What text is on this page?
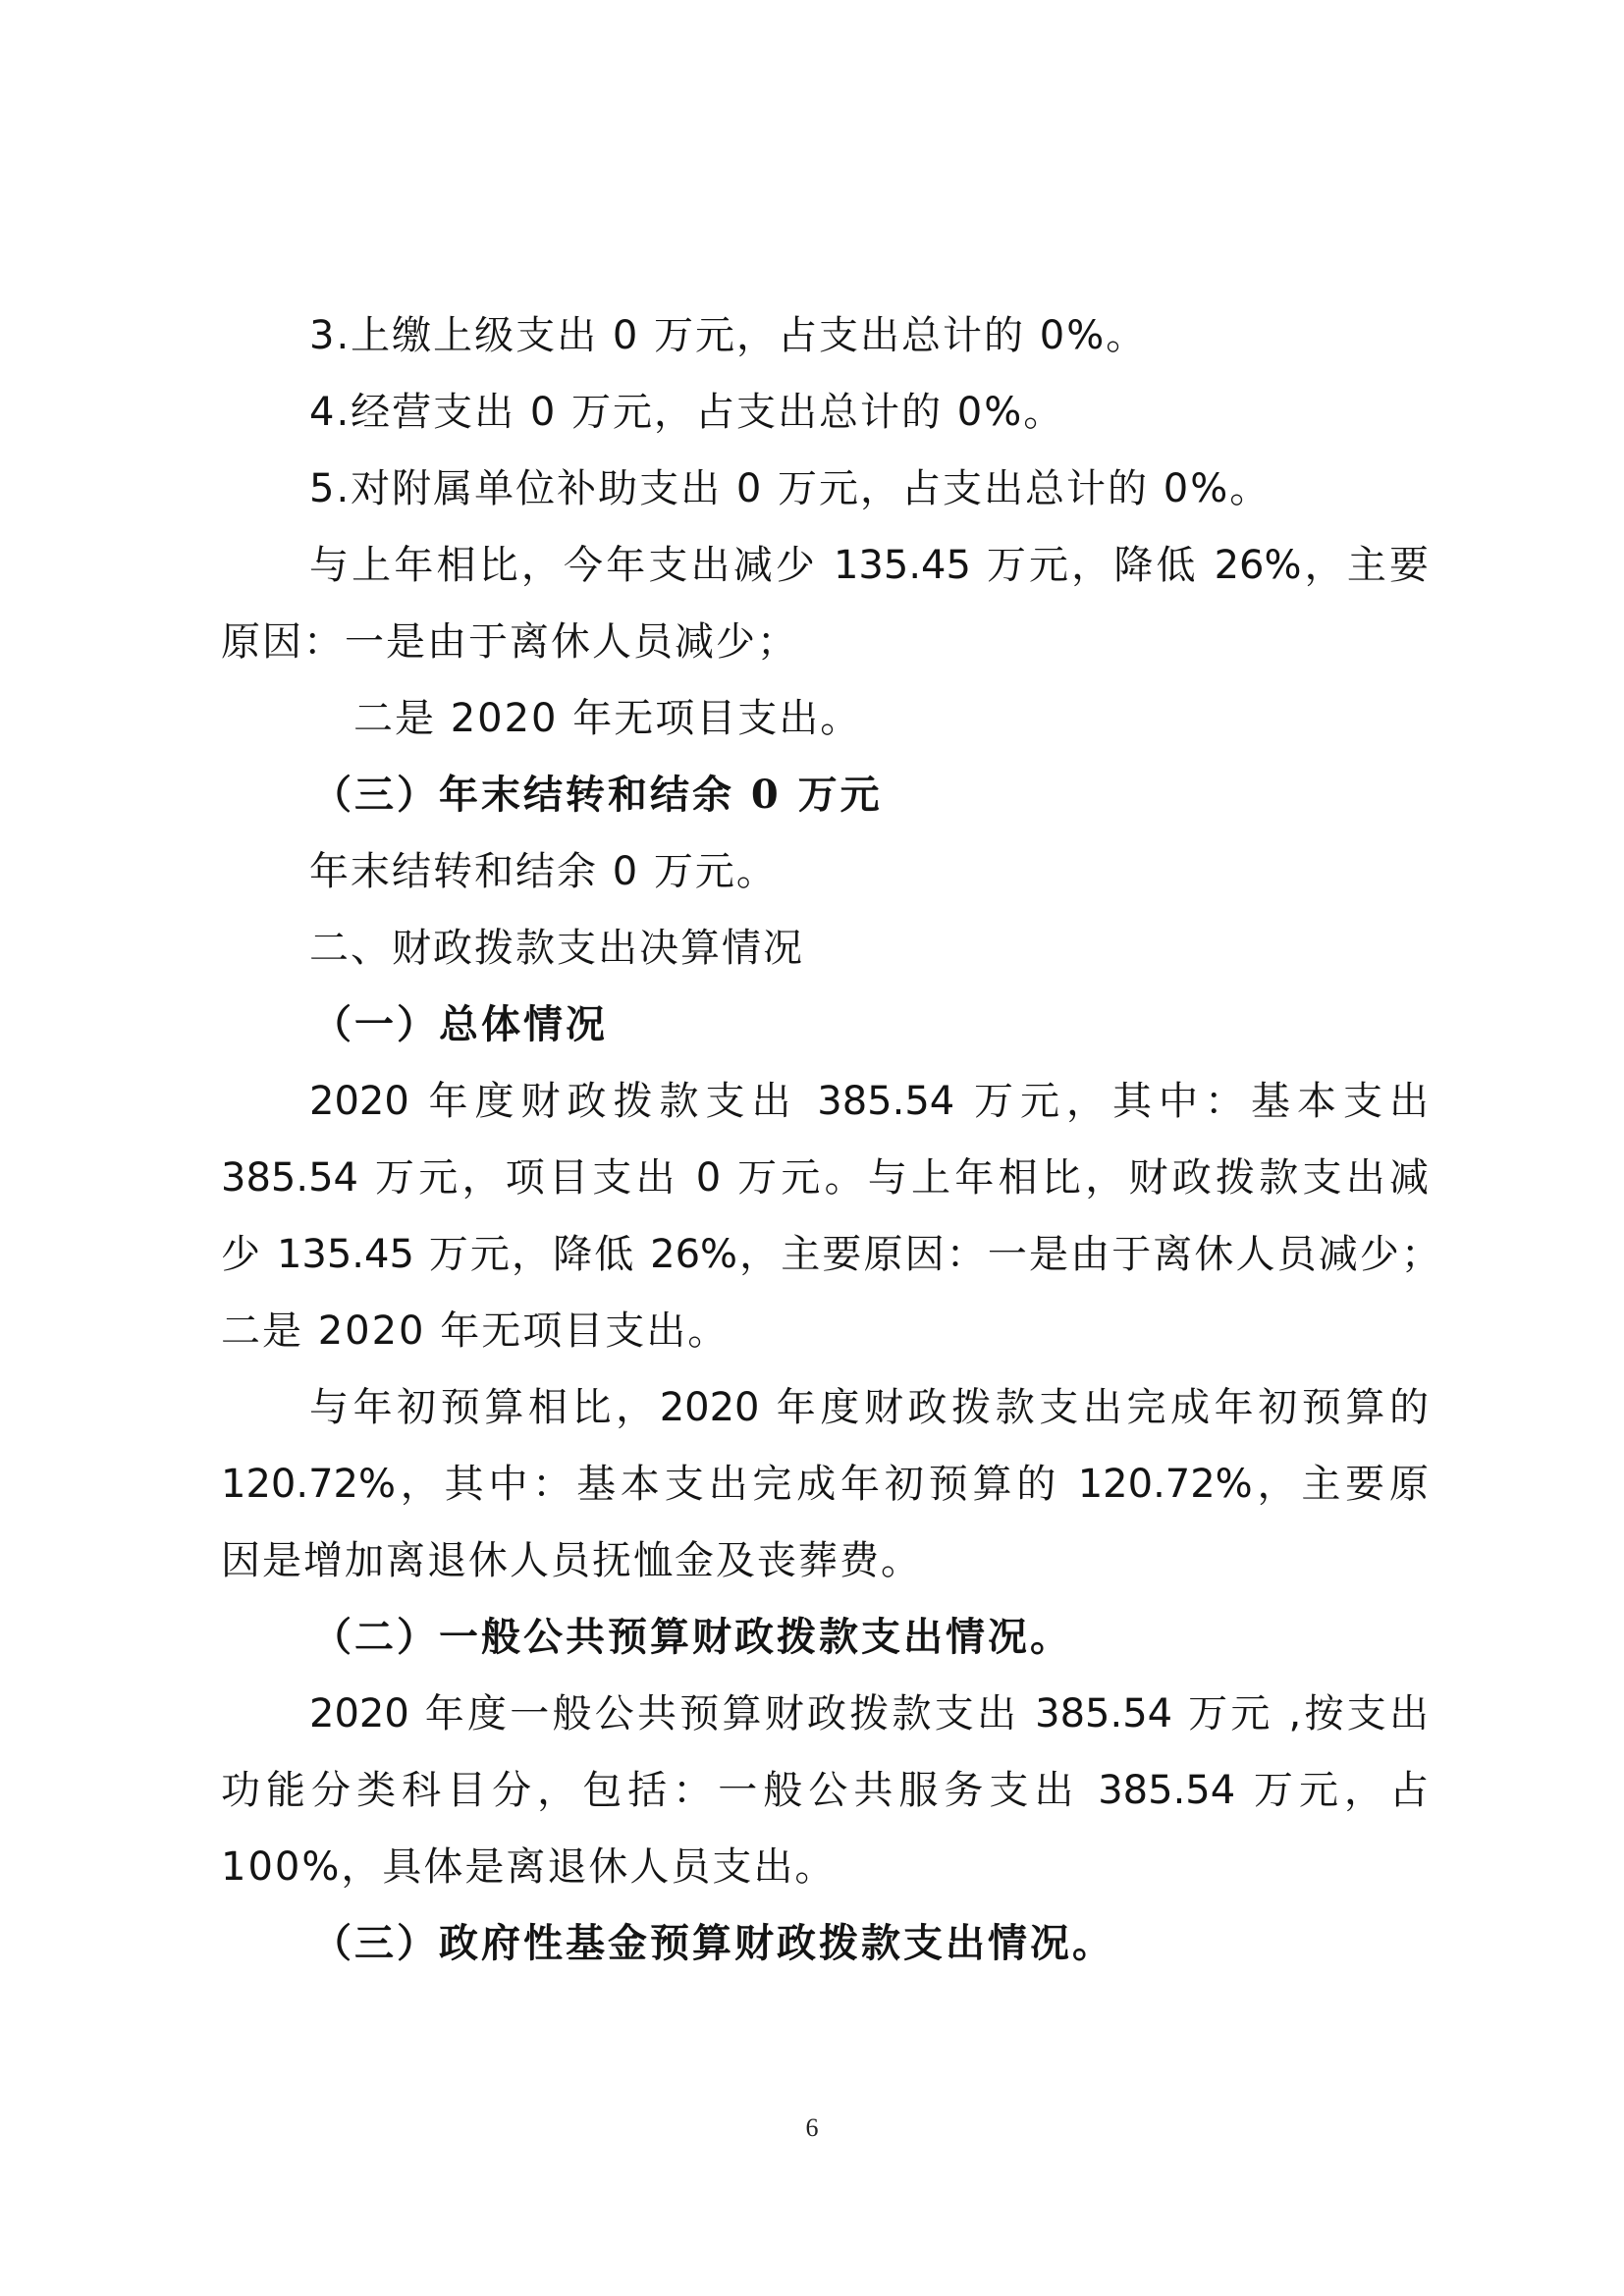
3.上缴上级支出 0 万元，占支出总计的 0%。
4.经营支出 0 万元，占支出总计的 0%。
5.对附属单位补助支出 0 万元，占支出总计的 0%。
与上年相比，今年支出减少 135.45 万元，降低 26%，主要
原因：一是由于离休人员减少；
二是 2020 年无项目支出。
（三）年末结转和结余 0 万元
年末结转和结余 0 万元。
二、财政拨款支出决算情况
（一）总体情况
2020 年度财政拨款支出 385.54 万元，其中：基本支出
385.54 万元，项目支出 0 万元。与上年相比，财政拨款支出减
少 135.45 万元，降低 26%，主要原因：一是由于离休人员减少；
二是 2020 年无项目支出。
与年初预算相比，2020 年度财政拨款支出完成年初预算的
120.72%，其中：基本支出完成年初预算的 120.72%，主要原
因是增加离退休人员抚恤金及丧葬费。
（二）一般公共预算财政拨款支出情况。
2020 年度一般公共预算财政拨款支出 385.54 万元 ,按支出
功能分类科目分，包括：一般公共服务支出 385.54 万元，占
100%，具体是离退休人员支出。
（三）政府性基金预算财政拨款支出情况。
6
